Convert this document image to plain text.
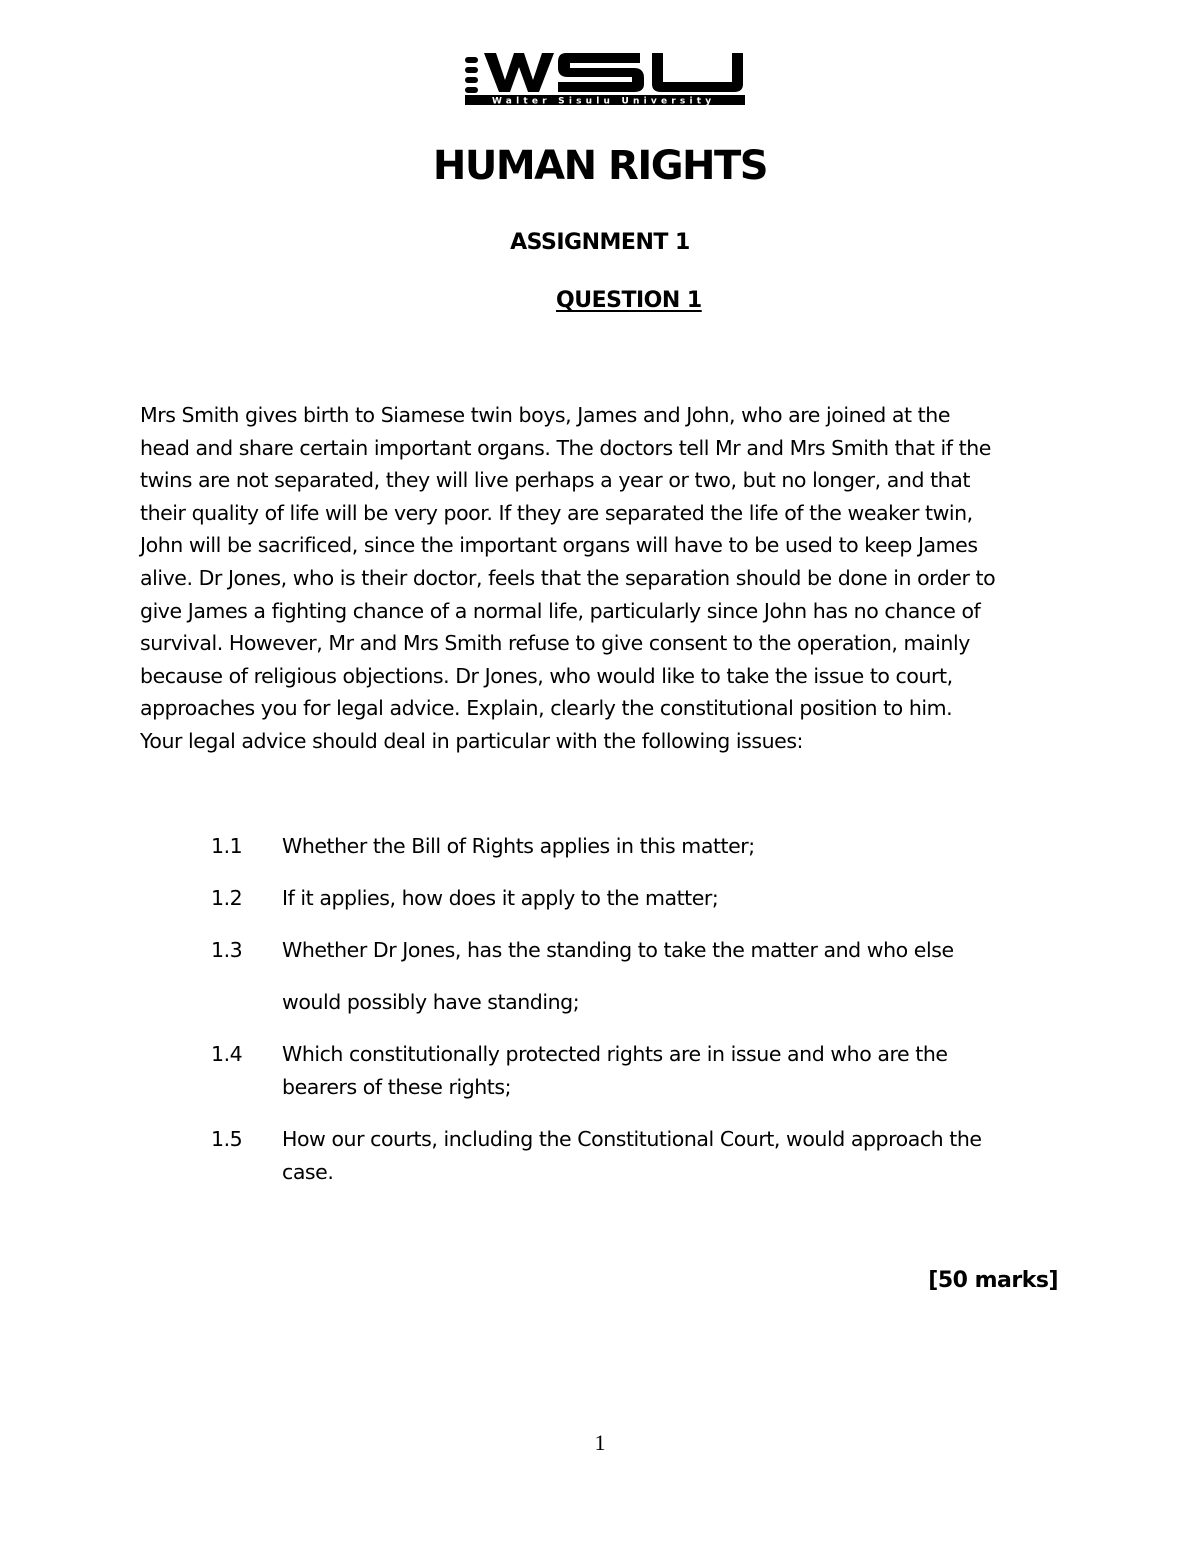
Walter Sisulu University
HUMAN RIGHTS
ASSIGNMENT 1
QUESTION 1
Mrs Smith gives birth to Siamese twin boys, James and John, who are joined at the
head and share certain important organs. The doctors tell Mr and Mrs Smith that if the
twins are not separated, they will live perhaps a year or two, but no longer, and that
their quality of life will be very poor. If they are separated the life of the weaker twin,
John will be sacrificed, since the important organs will have to be used to keep James
alive. Dr Jones, who is their doctor, feels that the separation should be done in order to
give James a fighting chance of a normal life, particularly since John has no chance of
survival. However, Mr and Mrs Smith refuse to give consent to the operation, mainly
because of religious objections. Dr Jones, who would like to take the issue to court,
approaches you for legal advice. Explain, clearly the constitutional position to him.
Your legal advice should deal in particular with the following issues:
1.1 Whether the Bill of Rights applies in this matter;
1.2 If it applies, how does it apply to the matter;
1.3 Whether Dr Jones, has the standing to take the matter and who else
would possibly have standing;
1.4 Which constitutionally protected rights are in issue and who are the
bearers of these rights;
1.5 How our courts, including the Constitutional Court, would approach the
case.
[50 marks]
1
